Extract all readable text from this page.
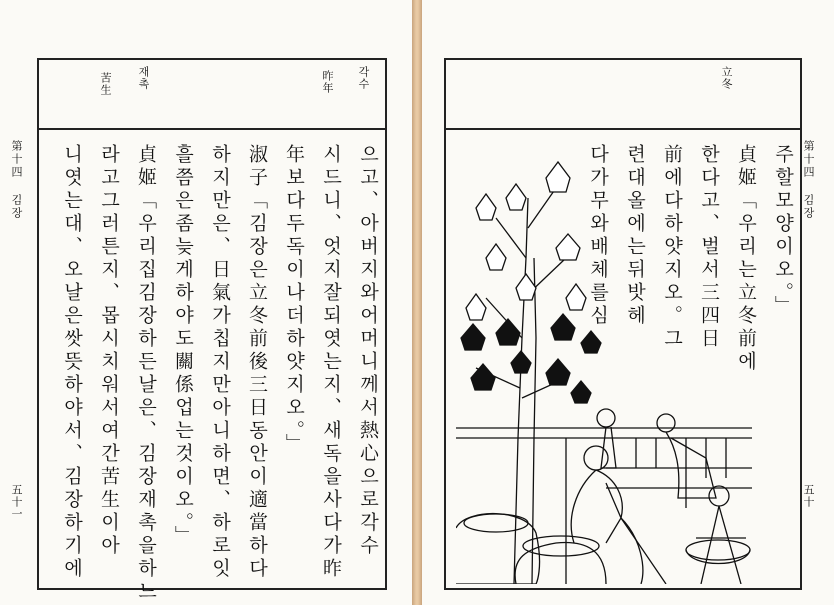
각수
昨年
재촉
苦生
으고、아버지와어머니께서熱心으로각수
시드니、엇지잘되엿는지、새독을사다가昨
年보다두독이나더하얏지오。」
淑子「김장은立冬前後三日동안이適當하다
하지만은、日氣가칩지만아니하면、하로잇
흘쯤은좀늦게하야도關係업는것이오。」
貞姬「우리집김장하든날은、김장재촉을하느
라고그러튼지、몹시치워서여간苦生이아
니엿는대、오날은쌋뜻하야서、김장하기에
第十四 김장
五十一
立冬
주할모양이오。」
貞姬「우리는立冬前에
한다고、벌서三四日
前에다하얏지오。그
련대올에는뒤밧헤
다가무와배체를심	第十四 김장
五十
